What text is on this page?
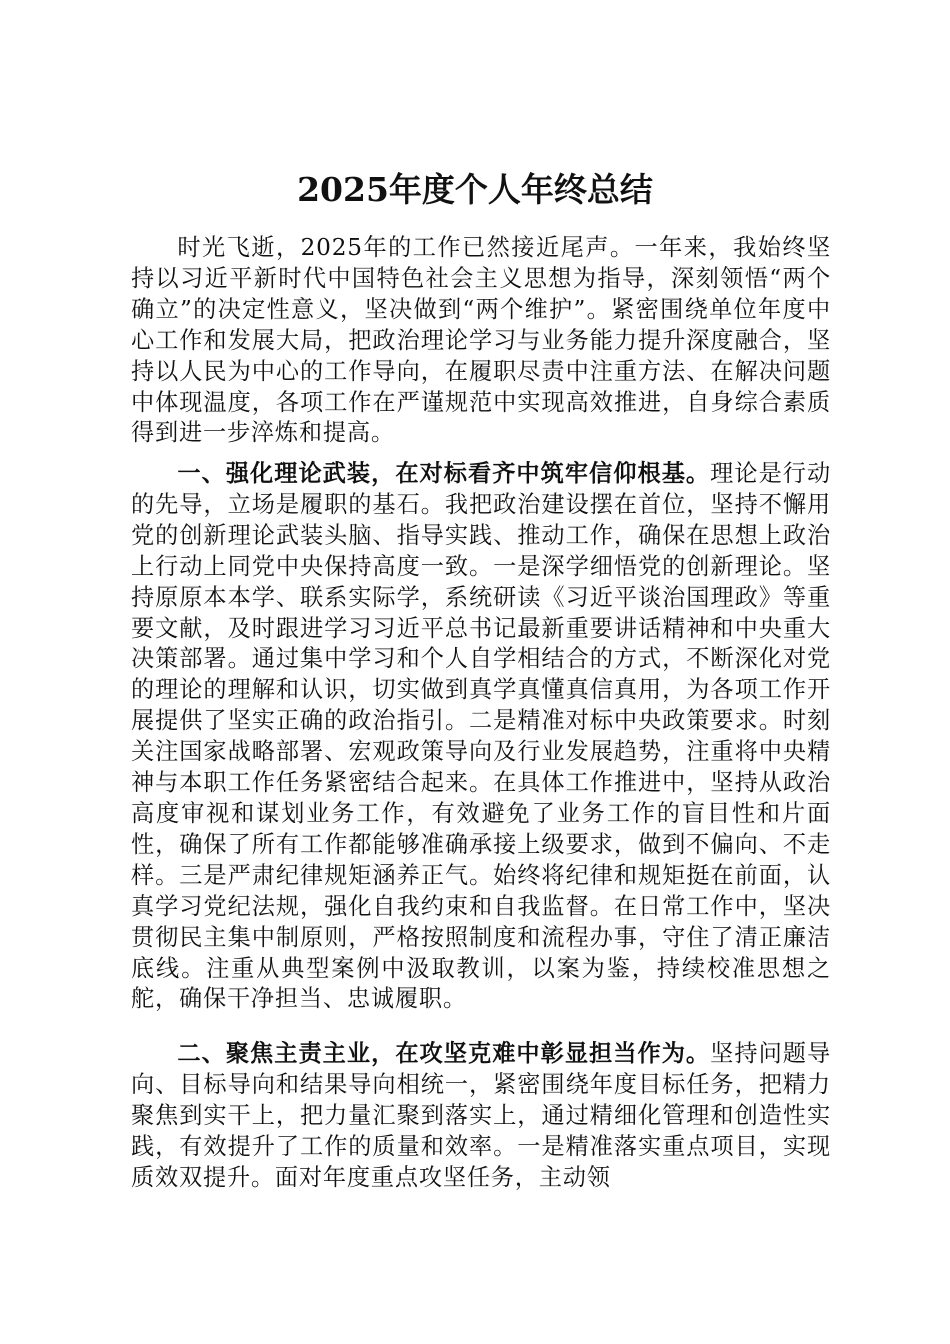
2025年度个人年终总结

时光飞逝，2025年的工作已然接近尾声。一年来，我始终坚持以习近平新时代中国特色社会主义思想为指导，深刻领悟“两个确立”的决定性意义，坚决做到“两个维护”。紧密围绕单位年度中心工作和发展大局，把政治理论学习与业务能力提升深度融合，坚持以人民为中心的工作导向，在履职尽责中注重方法、在解决问题中体现温度，各项工作在严谨规范中实现高效推进，自身综合素质得到进一步淬炼和提高。

一、强化理论武装，在对标看齐中筑牢信仰根基。理论是行动的先导，立场是履职的基石。我把政治建设摆在首位，坚持不懈用党的创新理论武装头脑、指导实践、推动工作，确保在思想上政治上行动上同党中央保持高度一致。一是深学细悟党的创新理论。坚持原原本本学、联系实际学，系统研读《习近平谈治国理政》等重要文献，及时跟进学习习近平总书记最新重要讲话精神和中央重大决策部署。通过集中学习和个人自学相结合的方式，不断深化对党的理论的理解和认识，切实做到真学真懂真信真用，为各项工作开展提供了坚实正确的政治指引。二是精准对标中央政策要求。时刻关注国家战略部署、宏观政策导向及行业发展趋势，注重将中央精神与本职工作任务紧密结合起来。在具体工作推进中，坚持从政治高度审视和谋划业务工作，有效避免了业务工作的盲目性和片面性，确保了所有工作都能够准确承接上级要求，做到不偏向、不走样。三是严肃纪律规矩涵养正气。始终将纪律和规矩挺在前面，认真学习党纪法规，强化自我约束和自我监督。在日常工作中，坚决贯彻民主集中制原则，严格按照制度和流程办事，守住了清正廉洁底线。注重从典型案例中汲取教训，以案为鉴，持续校准思想之舵，确保干净担当、忠诚履职。

二、聚焦主责主业，在攻坚克难中彰显担当作为。坚持问题导向、目标导向和结果导向相统一，紧密围绕年度目标任务，把精力聚焦到实干上，把力量汇聚到落实上，通过精细化管理和创造性实践，有效提升了工作的质量和效率。一是精准落实重点项目，实现质效双提升。面对年度重点攻坚任务，主动领
